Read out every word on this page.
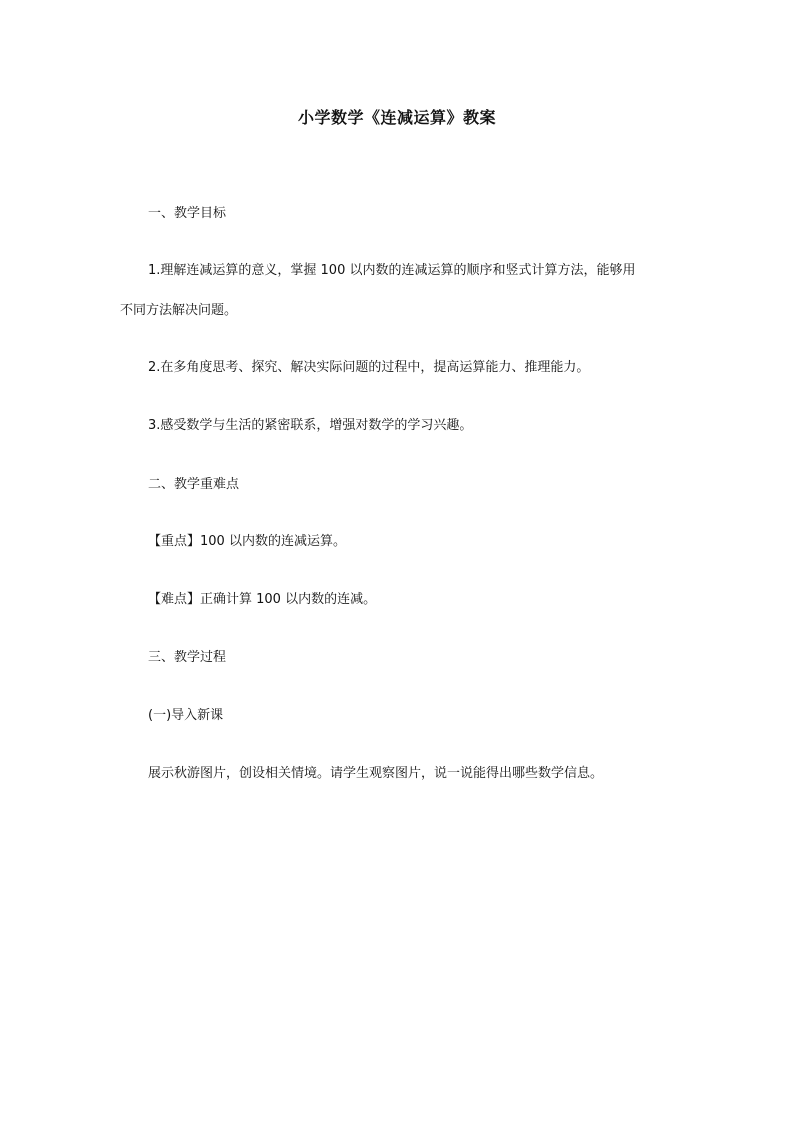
小学数学《连减运算》教案
一、教学目标
1.理解连减运算的意义，掌握 100 以内数的连减运算的顺序和竖式计算方法，能够用
不同方法解决问题。
2.在多角度思考、探究、解决实际问题的过程中，提高运算能力、推理能力。
3.感受数学与生活的紧密联系，增强对数学的学习兴趣。
二、教学重难点
【重点】100 以内数的连减运算。
【难点】正确计算 100 以内数的连减。
三、教学过程
(一)导入新课
展示秋游图片，创设相关情境。请学生观察图片，说一说能得出哪些数学信息。
